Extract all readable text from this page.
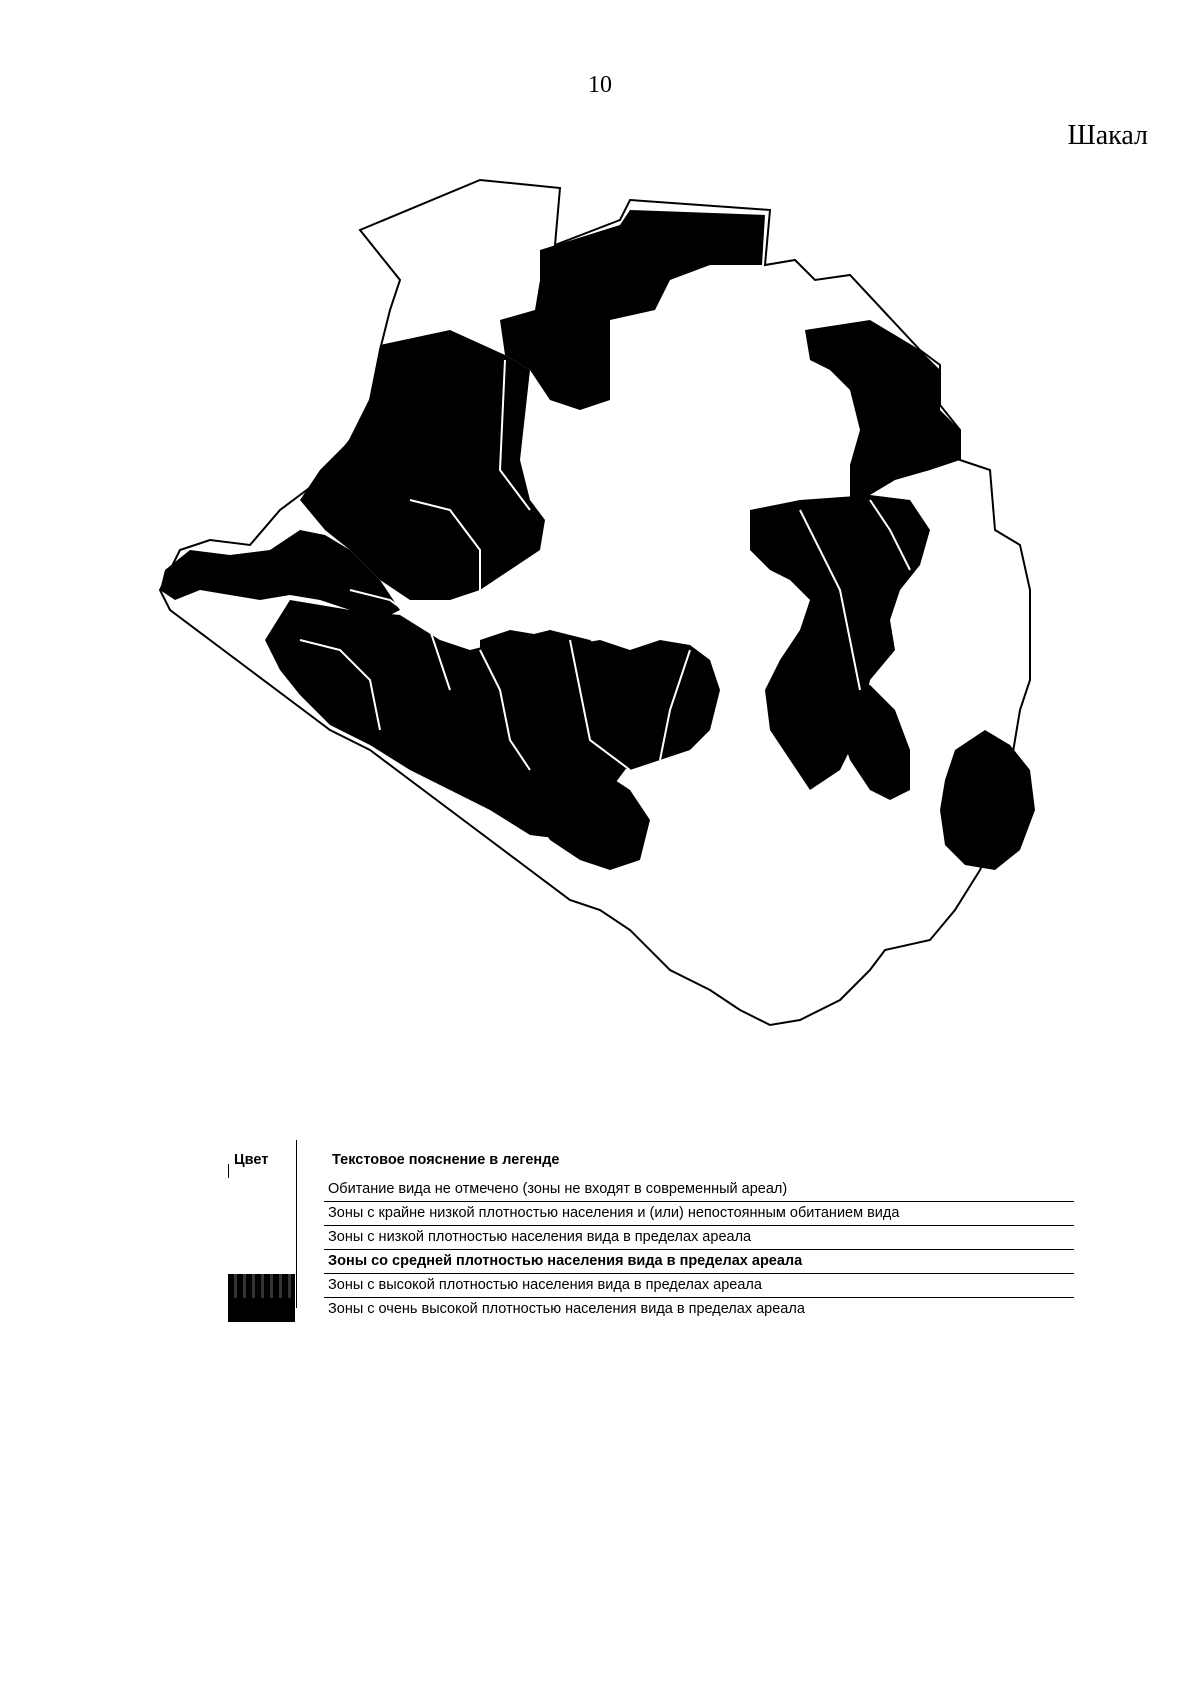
10
Шакал
Цвет	Текстовое пояснение в легенде
Обитание вида не отмечено (зоны не входят в современный ареал)
Зоны с крайне низкой плотностью населения и (или) непостоянным обитанием вида
Зоны с низкой плотностью населения вида в пределах ареала
Зоны со средней плотностью населения вида в пределах ареала
Зоны с высокой плотностью населения вида в пределах ареала
Зоны с очень высокой плотностью населения вида в пределах ареала
